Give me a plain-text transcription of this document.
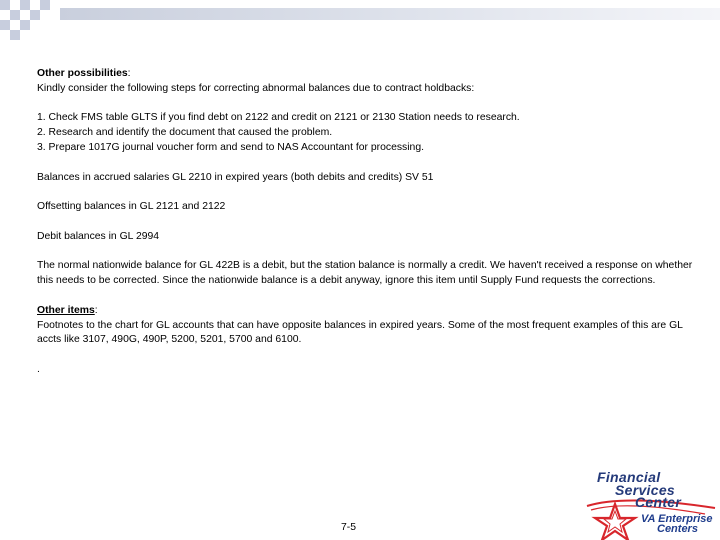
Other possibilities:

Kindly consider the following steps for correcting abnormal balances due to contract holdbacks:

1. Check FMS table GLTS if you find debt on 2122 and credit on 2121 or 2130 Station needs to research.

2. Research and identify the document that caused the problem.

3. Prepare 1017G journal voucher form and send to NAS Accountant for processing.

Balances in accrued salaries GL 2210 in expired years (both debits and credits) SV 51

Offsetting balances in GL 2121 and 2122

Debit balances in GL 2994

The normal nationwide balance for GL 422B is a debit, but the station balance is normally a credit. We haven't received a response on whether this needs to be corrected. Since the nationwide balance is a debit anyway, ignore this item until Supply Fund requests the corrections.

Other items:

Footnotes to the chart for GL accounts that can have opposite balances in expired years. Some of the most frequent examples of this are GL accts like 3107, 490G, 490P, 5200, 5201, 5700 and 6100.

.

7-5
Financial
Services
Center
VA Enterprise
Centers
